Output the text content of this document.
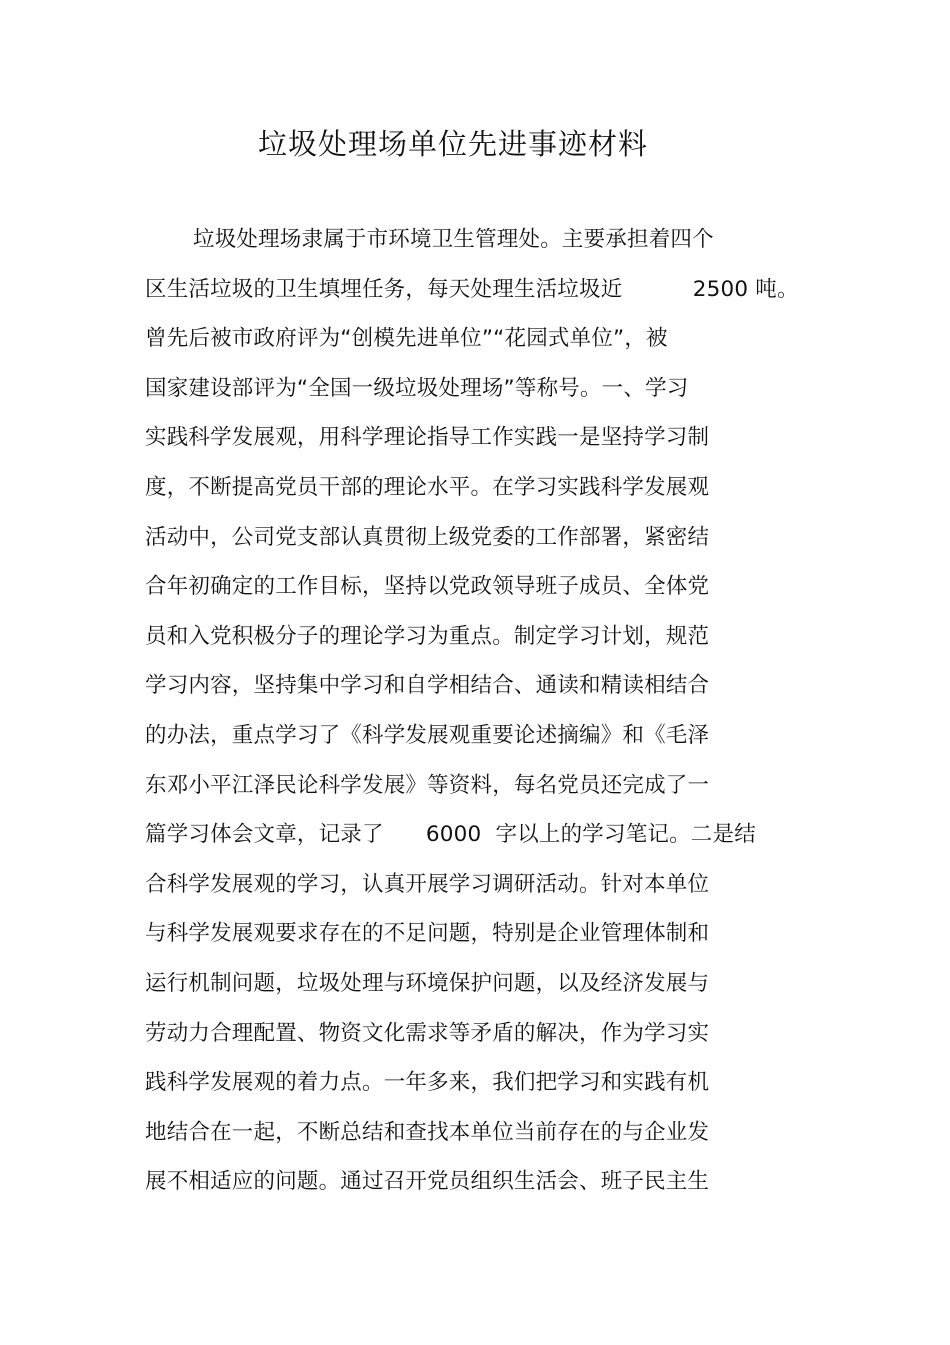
垃圾处理场单位先进事迹材料
垃圾处理场隶属于市环境卫生管理处。主要承担着四个
区生活垃圾的卫生填埋任务，每天处理生活垃圾近          2500 吨。
曾先后被市政府评为“创模先进单位”“花园式单位”，被
国家建设部评为“全国一级垃圾处理场”等称号。一、学习
实践科学发展观，用科学理论指导工作实践一是坚持学习制
度，不断提高党员干部的理论水平。在学习实践科学发展观
活动中，公司党支部认真贯彻上级党委的工作部署，紧密结
合年初确定的工作目标，坚持以党政领导班子成员、全体党
员和入党积极分子的理论学习为重点。制定学习计划，规范
学习内容，坚持集中学习和自学相结合、通读和精读相结合
的办法，重点学习了《科学发展观重要论述摘编》和《毛泽
东邓小平江泽民论科学发展》等资料，每名党员还完成了一
篇学习体会文章，记录了      6000  字以上的学习笔记。二是结
合科学发展观的学习，认真开展学习调研活动。针对本单位
与科学发展观要求存在的不足问题，特别是企业管理体制和
运行机制问题，垃圾处理与环境保护问题，以及经济发展与
劳动力合理配置、物资文化需求等矛盾的解决，作为学习实
践科学发展观的着力点。一年多来，我们把学习和实践有机
地结合在一起，不断总结和查找本单位当前存在的与企业发
展不相适应的问题。通过召开党员组织生活会、班子民主生
